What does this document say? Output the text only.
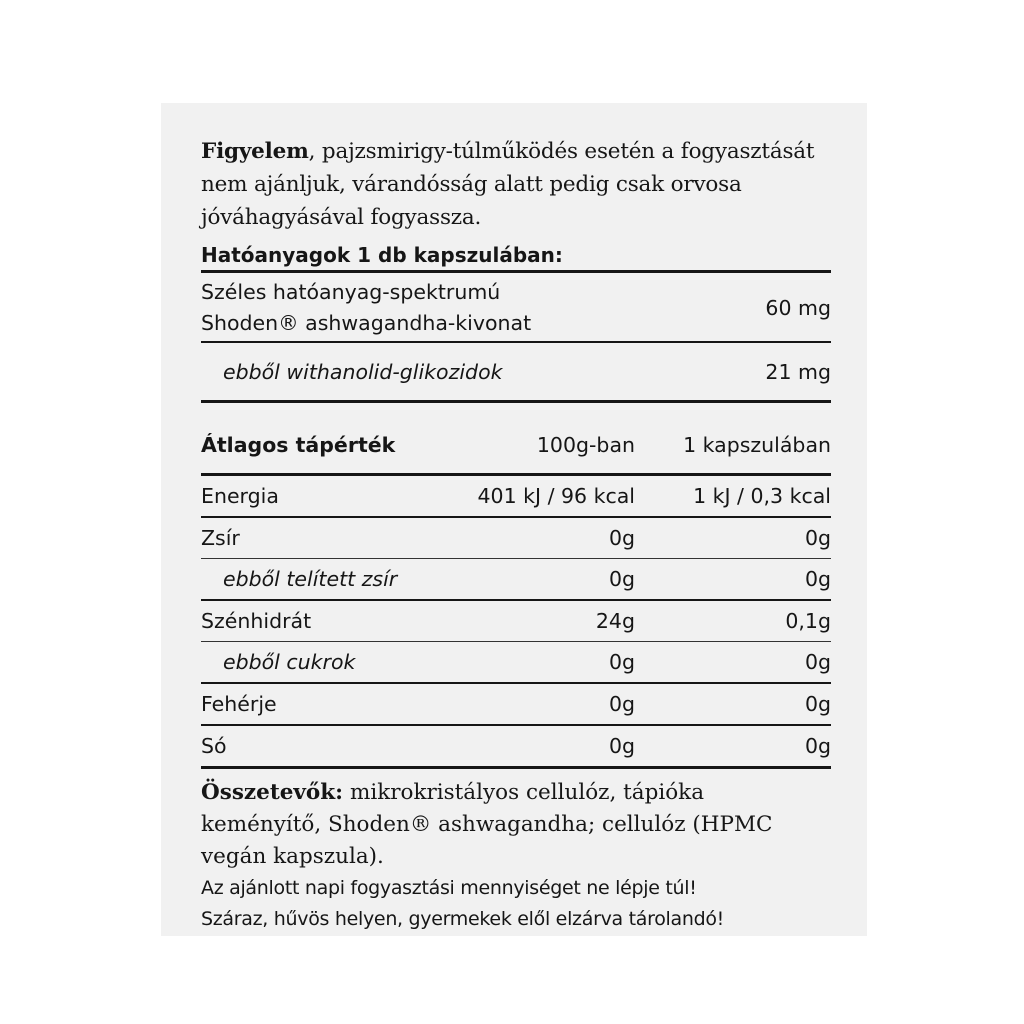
Figyelem, pajzsmirigy-túlműködés esetén a fogyasztását nem ajánljuk, várandósság alatt pedig csak orvosa jóváhagyásával fogyassza.

Hatóanyagok 1 db kapszulában:
Széles hatóanyag-spektrumú
Shoden® ashwagandha-kivonat
60 mg
ebből withanolid-glikozidok	21 mg
Átlagos tápérték	100g-ban	1 kapszulában
Energia	401 kJ / 96 kcal	1 kJ / 0,3 kcal
Zsír	0g	0g
ebből telített zsír	0g	0g
Szénhidrát	24g	0,1g
ebből cukrok	0g	0g
Fehérje	0g	0g
Só	0g	0g
Összetevők: mikrokristályos cellulóz, tápióka keményítő, Shoden® ashwagandha; cellulóz (HPMC vegán kapszula).
Az ajánlott napi fogyasztási mennyiséget ne lépje túl!
Száraz, hűvös helyen, gyermekek elől elzárva tárolandó!
